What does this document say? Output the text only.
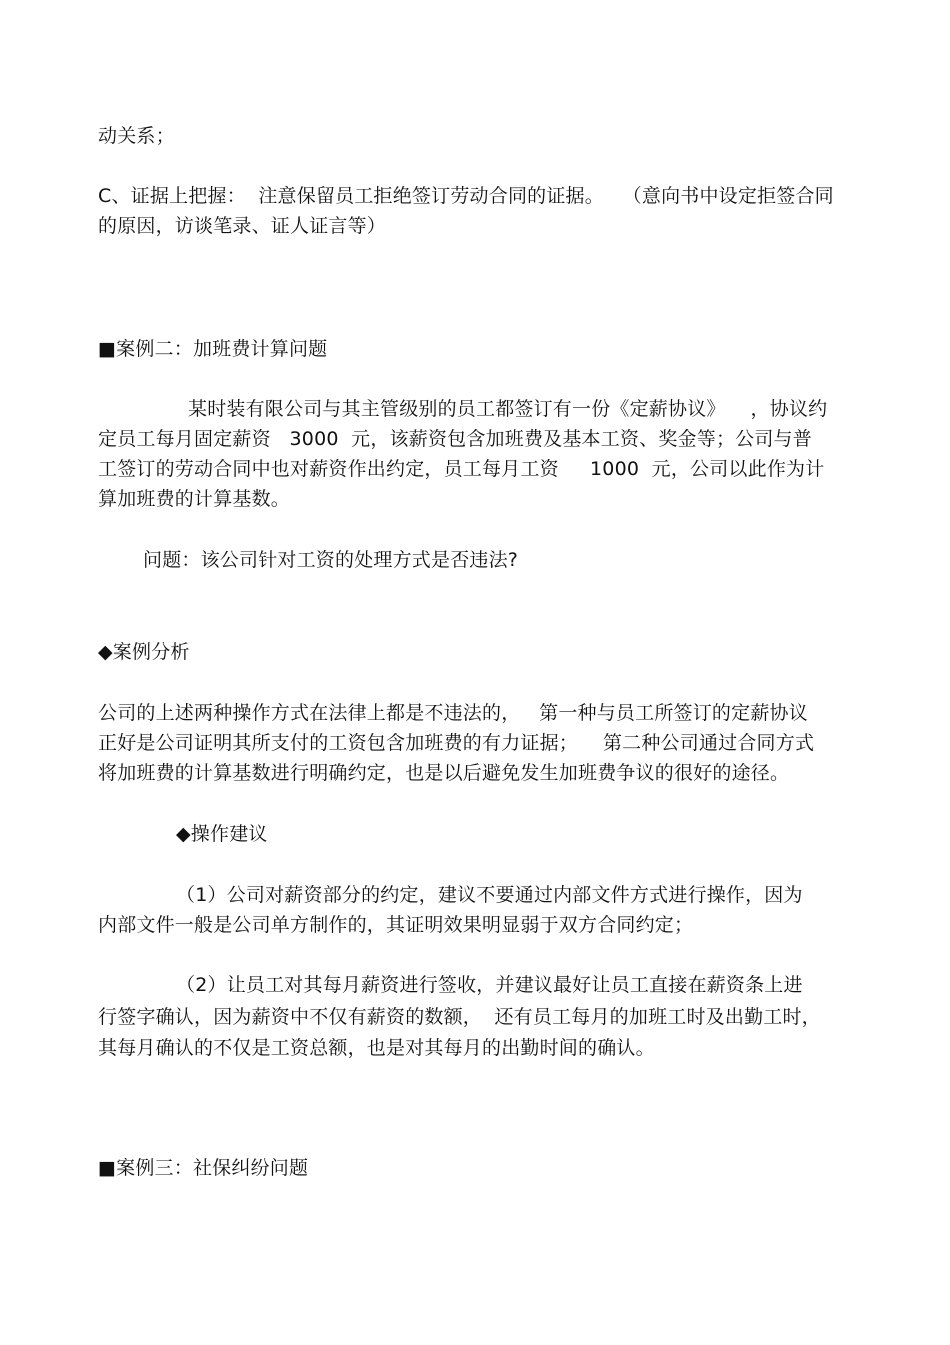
动关系；
C、证据上把握：  注意保留员工拒绝签订劳动合同的证据。   （意向书中设定拒签合同
的原因，访谈笔录、证人证言等）
■案例二：加班费计算问题
某时装有限公司与其主管级别的员工都签订有一份《定薪协议》    ，协议约
定员工每月固定薪资   3000  元，该薪资包含加班费及基本工资、奖金等；公司与普
工签订的劳动合同中也对薪资作出约定，员工每月工资     1000  元，公司以此作为计
算加班费的计算基数。
问题：该公司针对工资的处理方式是否违法?
◆案例分析
公司的上述两种操作方式在法律上都是不违法的，   第一种与员工所签订的定薪协议
正好是公司证明其所支付的工资包含加班费的有力证据；    第二种公司通过合同方式
将加班费的计算基数进行明确约定，也是以后避免发生加班费争议的很好的途径。
◆操作建议
（1）公司对薪资部分的约定，建议不要通过内部文件方式进行操作，因为
内部文件一般是公司单方制作的，其证明效果明显弱于双方合同约定；
（2）让员工对其每月薪资进行签收，并建议最好让员工直接在薪资条上进
行签字确认，因为薪资中不仅有薪资的数额，  还有员工每月的加班工时及出勤工时，
其每月确认的不仅是工资总额，也是对其每月的出勤时间的确认。
■案例三：社保纠纷问题
